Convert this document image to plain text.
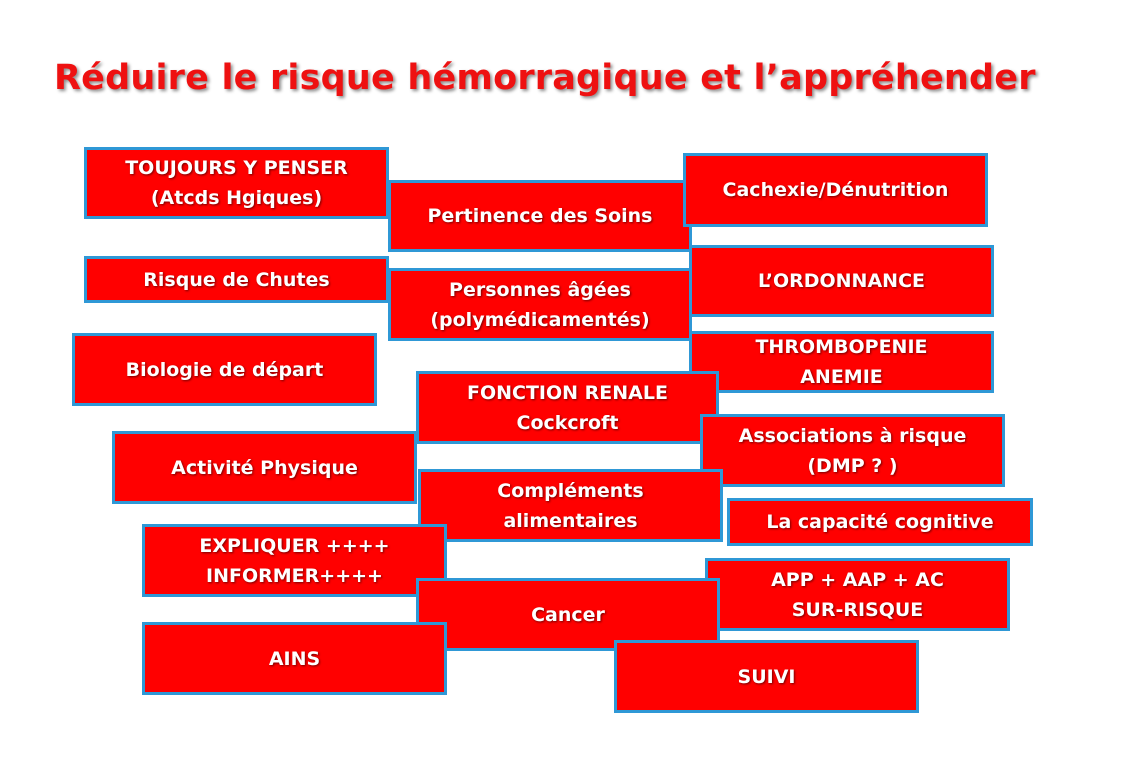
Réduire le risque hémorragique et l’appréhender
TOUJOURS Y PENSER
(Atcds Hgiques)
Pertinence des Soins
Cachexie/Dénutrition
Risque de Chutes	Personnes âgées
(polymédicamentés)
L’ORDONNANCE
Biologie de départ
THROMBOPENIE
ANEMIE
FONCTION RENALE
Cockcroft
Associations à risque
(DMP ? )
Activité Physique
Compléments
alimentaires	La capacité cognitive
EXPLIQUER ++++
INFORMER++++	APP + AAP + AC
SUR-RISQUE
Cancer
AINS
SUIVI
